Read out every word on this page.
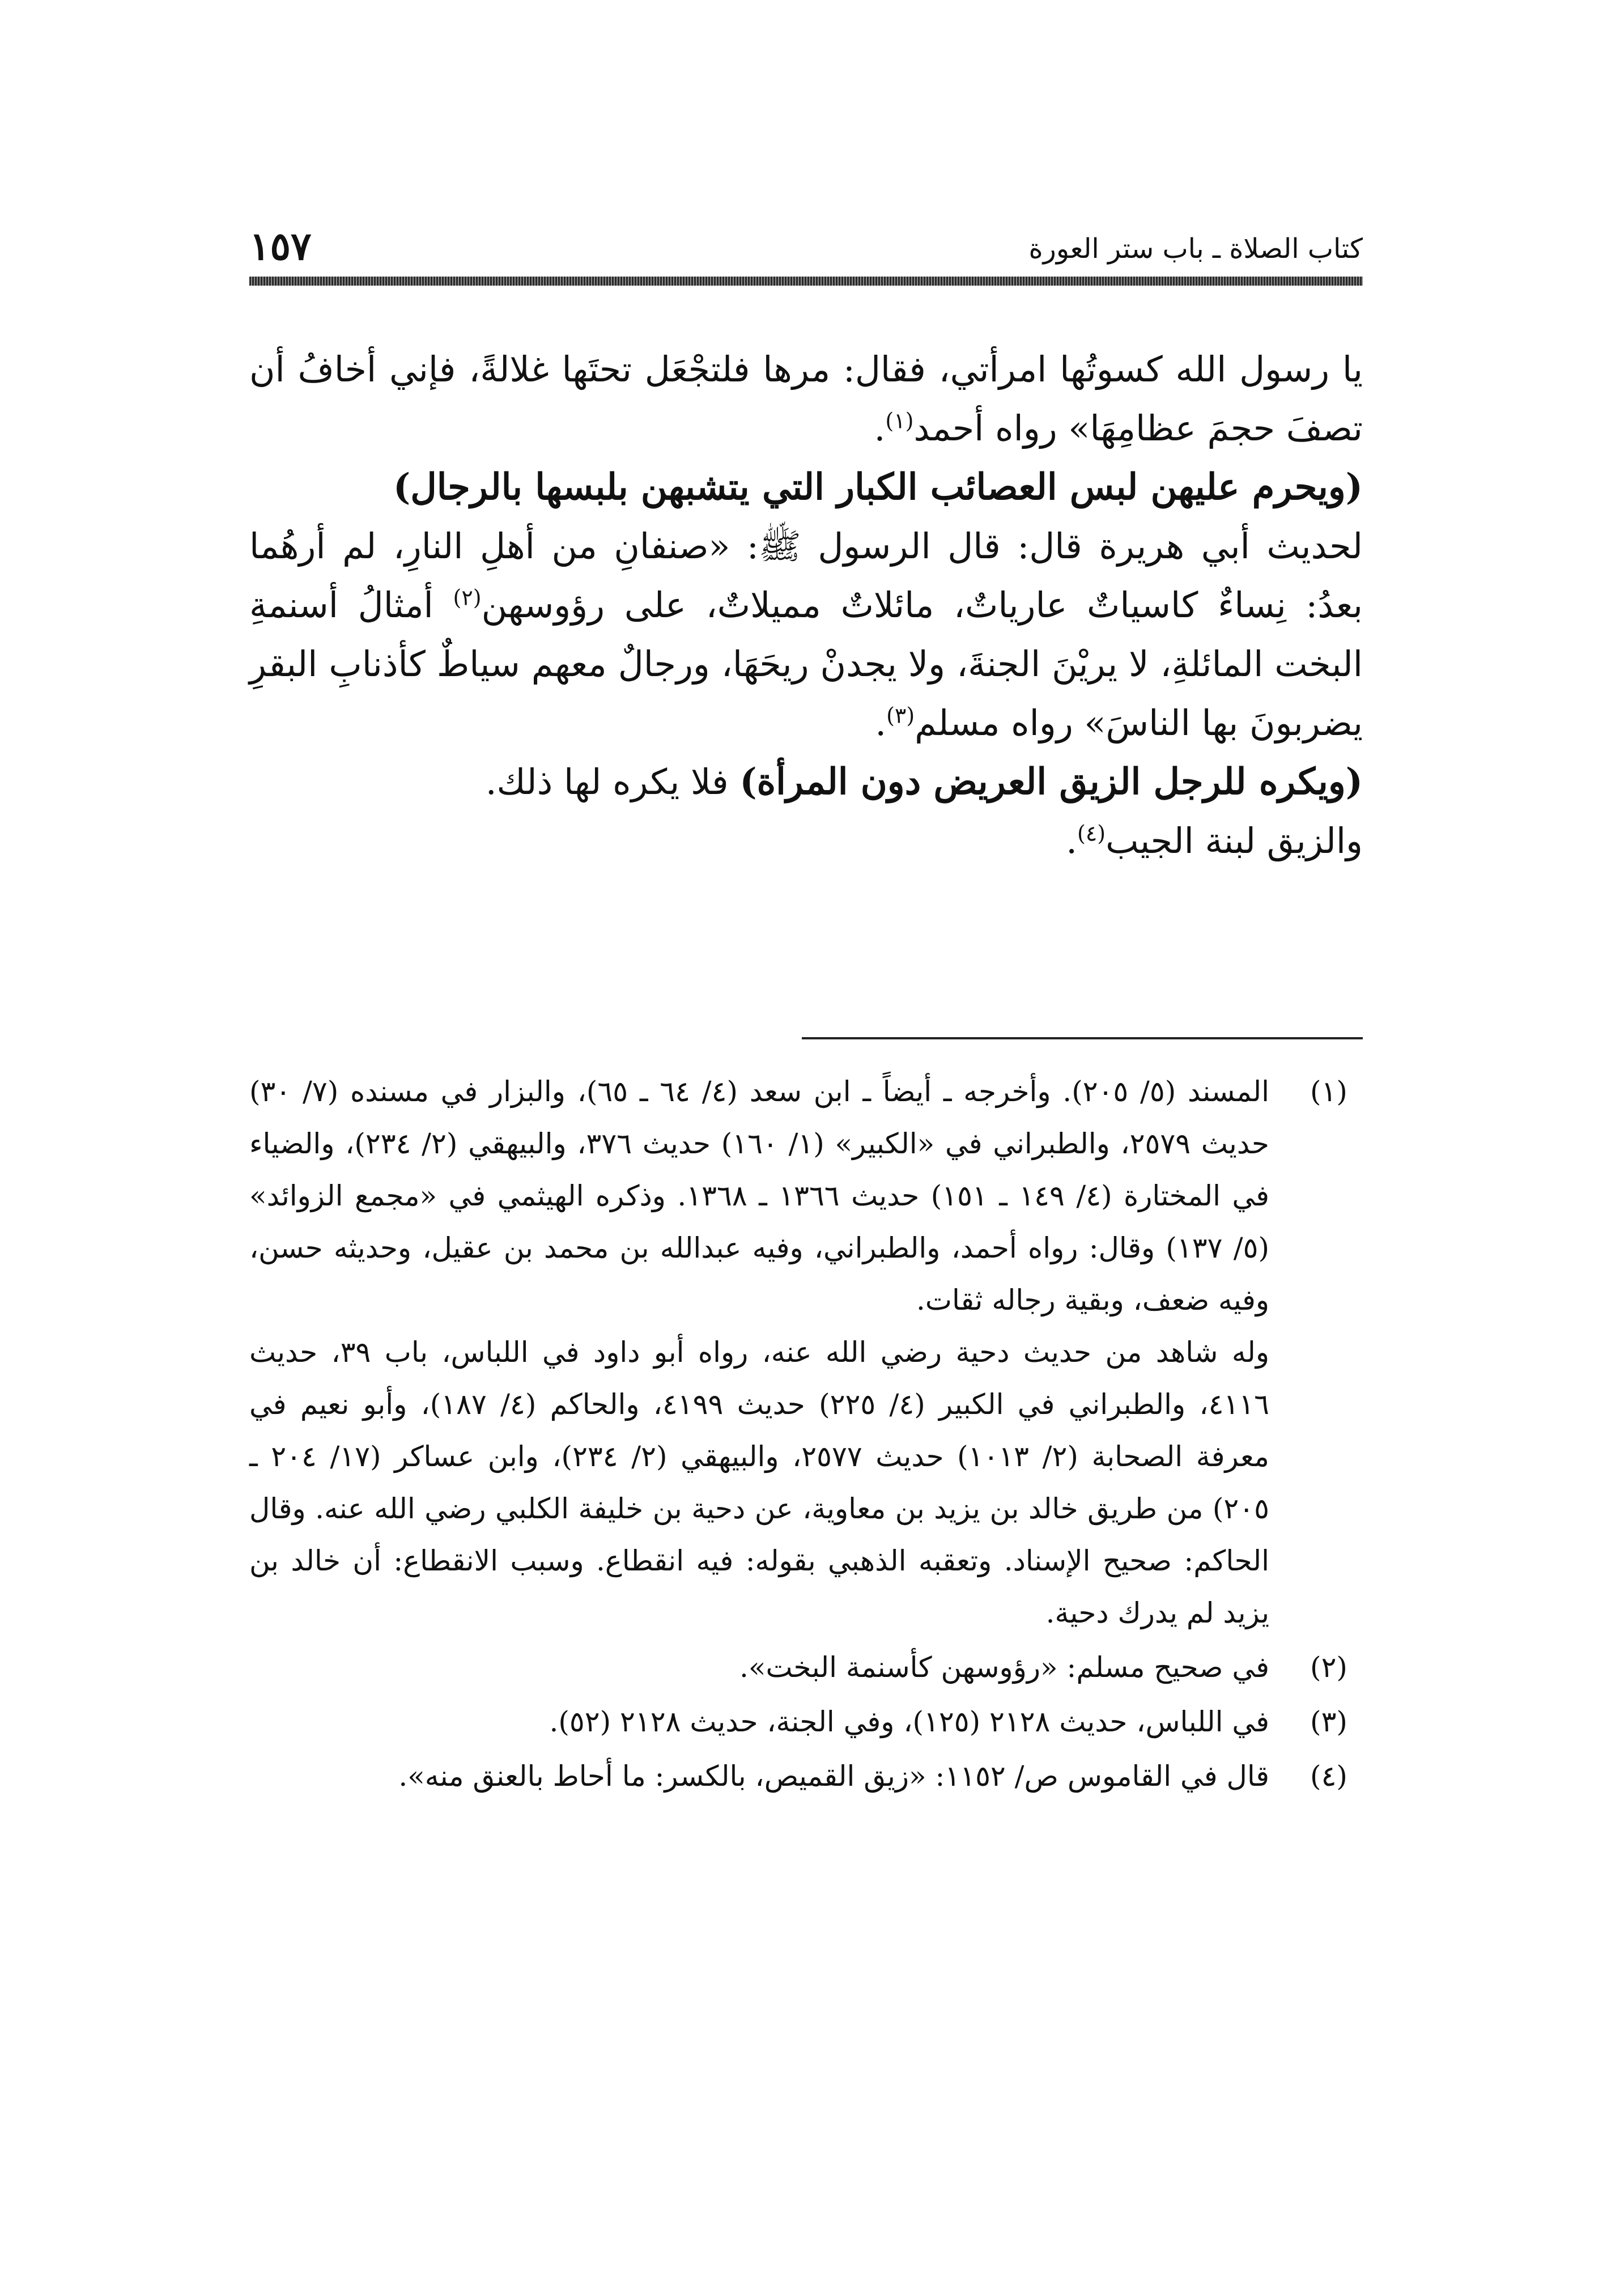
كتاب الصلاة ـ باب ستر العورة
١٥٧

يا رسول الله كسوتُها امرأتي، فقال: مرها فلتجْعَل تحتَها غلالةً، فإني أخافُ أن تصفَ حجمَ عظامِهَا» رواه أحمد$^{(١)}$.

(ويحرم عليهن لبس العصائب الكبار التي يتشبهن بلبسها بالرجال)

لحديث أبي هريرة قال: قال الرسول ﷺ: «صنفانِ من أهلِ النارِ، لم أرهُما بعدُ: نِساءٌ كاسياتٌ عارياتٌ، مائلاتٌ مميلاتٌ، على رؤوسهن$^{(٢)}$ أمثالُ أسنمةِ البخت المائلةِ، لا يريْنَ الجنةَ، ولا يجدنْ ريحَهَا، ورجالٌ معهم سياطٌ كأذنابِ البقرِ يضربونَ بها الناسَ» رواه مسلم$^{(٣)}$.

(ويكره للرجل الزيق العريض دون المرأة) فلا يكره لها ذلك.

والزيق لبنة الجيب$^{(٤)}$.

(١)

المسند (٥/ ٢٠٥). وأخرجه ـ أيضاً ـ ابن سعد (٤/ ٦٤ ـ ٦٥)، والبزار في مسنده (٧/ ٣٠) حديث ٢٥٧٩، والطبراني في «الكبير» (١/ ١٦٠) حديث ٣٧٦، والبيهقي (٢/ ٢٣٤)، والضياء في المختارة (٤/ ١٤٩ ـ ١٥١) حديث ١٣٦٦ ـ ١٣٦٨. وذكره الهيثمي في «مجمع الزوائد» (٥/ ١٣٧) وقال: رواه أحمد، والطبراني، وفيه عبدالله بن محمد بن عقيل، وحديثه حسن، وفيه ضعف، وبقية رجاله ثقات.

وله شاهد من حديث دحية رضي الله عنه، رواه أبو داود في اللباس، باب ٣٩، حديث ٤١١٦، والطبراني في الكبير (٤/ ٢٢٥) حديث ٤١٩٩، والحاكم (٤/ ١٨٧)، وأبو نعيم في معرفة الصحابة (٢/ ١٠١٣) حديث ٢٥٧٧، والبيهقي (٢/ ٢٣٤)، وابن عساكر (١٧/ ٢٠٤ ـ ٢٠٥) من طريق خالد بن يزيد بن معاوية، عن دحية بن خليفة الكلبي رضي الله عنه. وقال الحاكم: صحيح الإسناد. وتعقبه الذهبي بقوله: فيه انقطاع. وسبب الانقطاع: أن خالد بن يزيد لم يدرك دحية.

(٢)

في صحيح مسلم: «رؤوسهن كأسنمة البخت».

(٣)

في اللباس، حديث ٢١٢٨ (١٢٥)، وفي الجنة، حديث ٢١٢٨ (٥٢).

(٤)

قال في القاموس ص/ ١١٥٢: «زيق القميص، بالكسر: ما أحاط بالعنق منه».
